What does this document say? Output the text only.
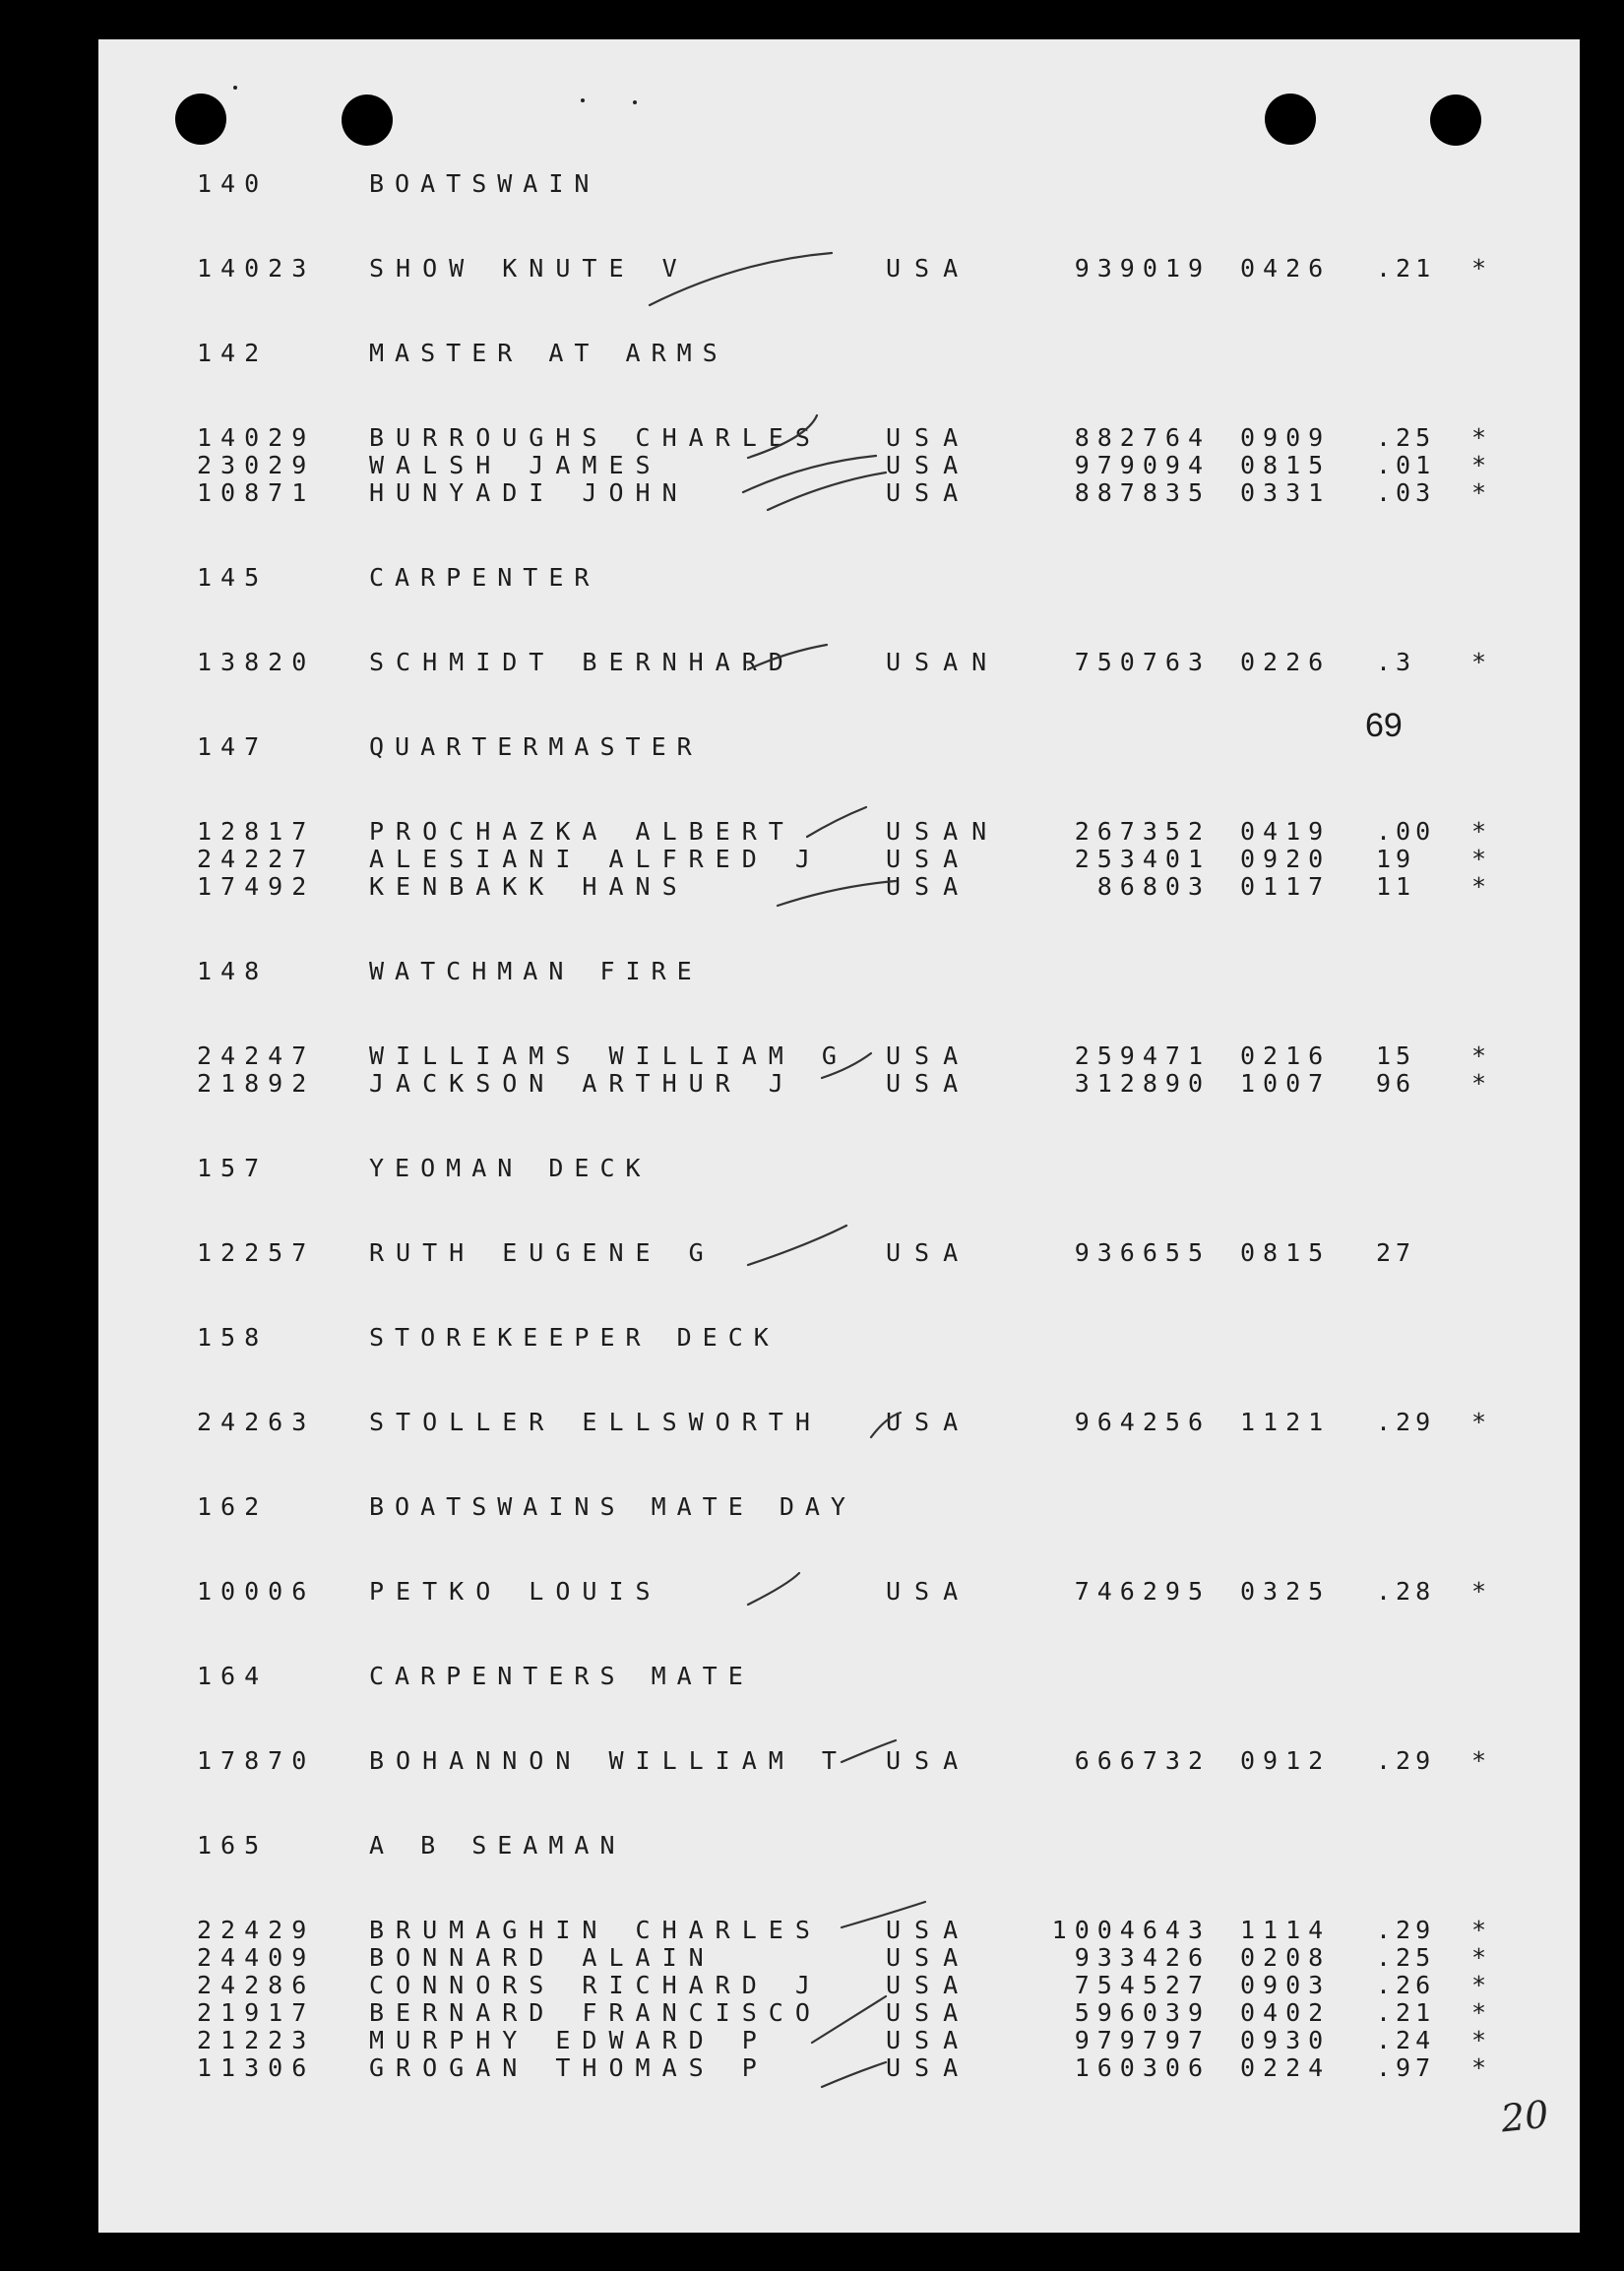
140	BOATSWAIN
14023 SHOW KNUTE V	USA	939019 0426 .21 *
142	MASTER AT ARMS
14029 BURROUGHS CHARLES	USA	882764 0909 .25 *
23029 WALSH JAMES	USA	979094 0815 .01 *
10871 HUNYADI JOHN	USA	887835 0331 .03 *
145	CARPENTER
13820 SCHMIDT BERNHARD	USAN	750763 0226 .3 *
147	QUARTERMASTER
12817 PROCHAZKA ALBERT	USAN	267352 0419 .00 *
24227 ALESIANI ALFRED J	USA	253401 0920 19 *
17492 KENBAKK HANS	USA	86803 0117 11 *
148	WATCHMAN FIRE
24247 WILLIAMS WILLIAM G USA	259471 0216 15 *
21892 JACKSON ARTHUR J	USA	312890 1007 96 *
157	YEOMAN DECK
12257 RUTH EUGENE G	USA	936655 0815 27
158	STOREKEEPER DECK
24263 STOLLER ELLSWORTH	USA	964256 1121 .29 *
162	BOATSWAINS MATE DAY
10006 PETKO LOUIS	USA	746295 0325 .28 *
164	CARPENTERS MATE
17870 BOHANNON WILLIAM T USA	666732 0912 .29 *
165	A B SEAMAN
22429 BRUMAGHIN CHARLES	USA	1004643 1114 .29 *
24409 BONNARD ALAIN	USA	933426 0208 .25 *
24286 CONNORS RICHARD J	USA	754527 0903 .26 *
21917 BERNARD FRANCISCO	USA	596039 0402 .21 *
21223 MURPHY EDWARD P	USA	979797 0930 .24 *
11306 GROGAN THOMAS P	USA	160306 0224 .97 *
69
20
